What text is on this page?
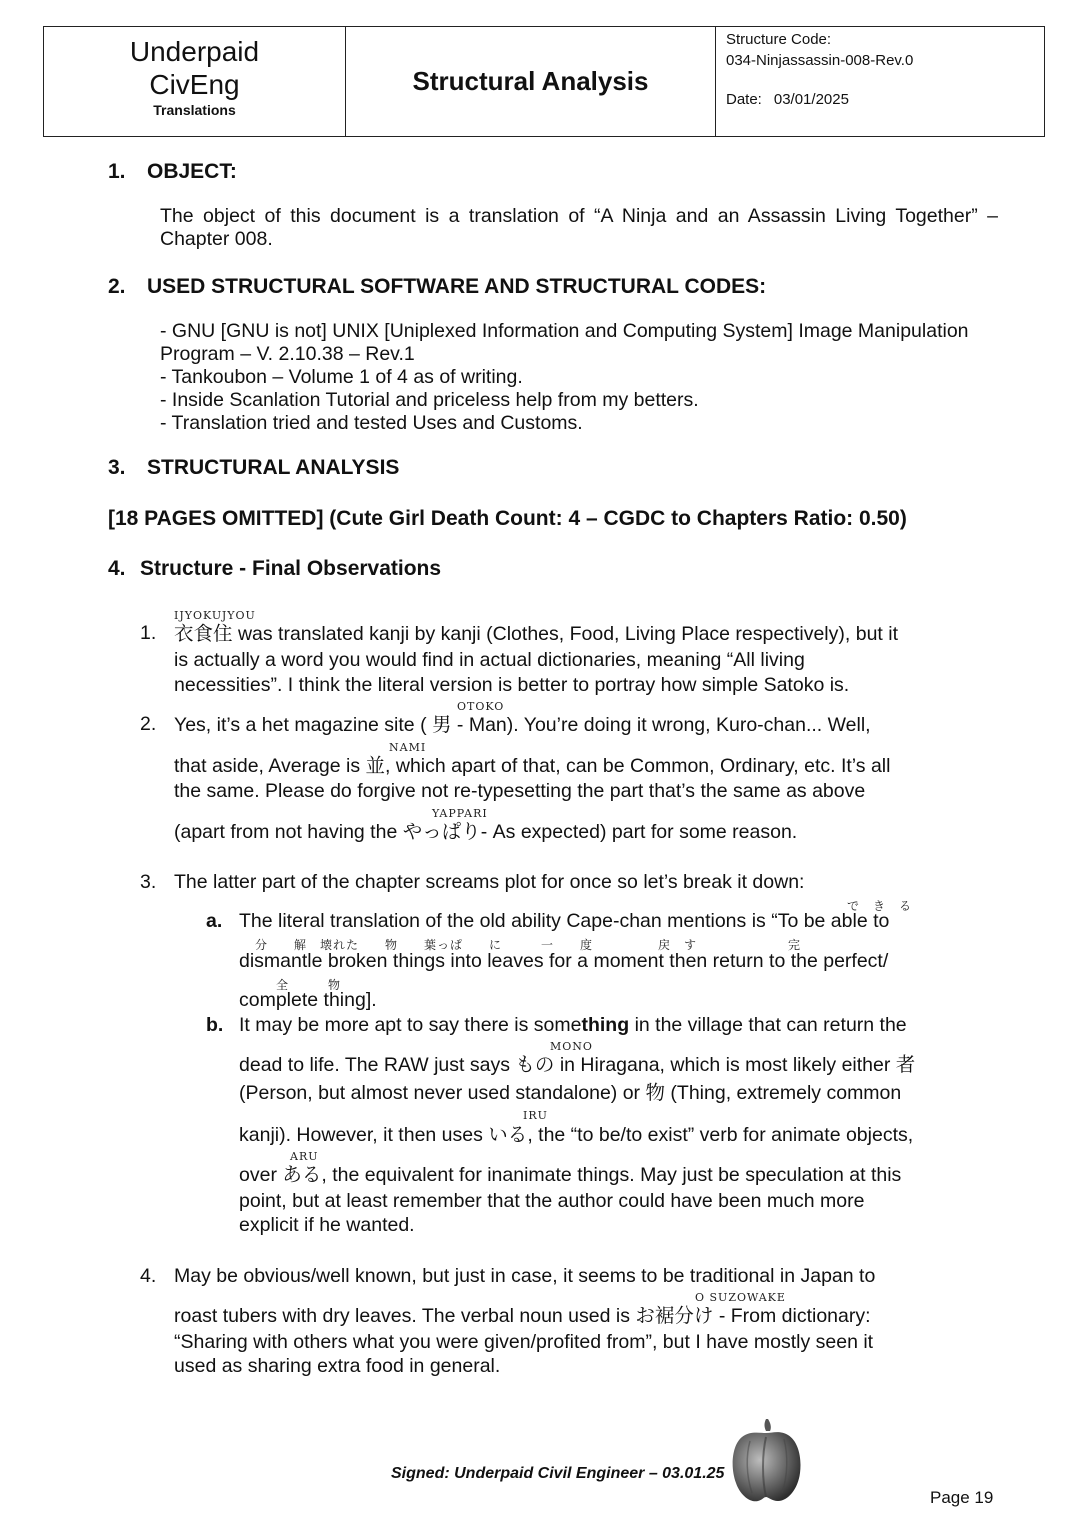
Underpaid
CivEng
Translations
Structural Analysis
Structure Code:
034-Ninjassassin-008-Rev.0
Date: 03/01/2025
1. OBJECT:
The object of this document is a translation of “A Ninja and an Assassin Living Together” – Chapter 008.
2. USED STRUCTURAL SOFTWARE AND STRUCTURAL CODES:
- GNU [GNU is not] UNIX [Uniplexed Information and Computing System] Image Manipulation
Program – V. 2.10.38 – Rev.1
- Tankoubon – Volume 1 of 4 as of writing.
- Inside Scanlation Tutorial and priceless help from my betters.
- Translation tried and tested Uses and Customs.
3. STRUCTURAL ANALYSIS
[18 PAGES OMITTED] (Cute Girl Death Count: 4 – CGDC to Chapters Ratio: 0.50)
4. Structure - Final Observations
IJYOKUJYOU
1. 衣食住 was translated kanji by kanji (Clothes, Food, Living Place respectively), but it
is actually a word you would find in actual dictionaries, meaning “All living
necessities”. I think the literal version is better to portray how simple Satoko is.
OTOKO
2. Yes, it’s a het magazine site ( 男 - Man). You’re doing it wrong, Kuro-chan... Well,
NAMI
that aside, Average is 並, which apart of that, can be Common, Ordinary, etc. It’s all
the same. Please do forgive not re-typesetting the part that’s the same as above
YAPPARI
(apart from not having the やっぱり- As expected) part for some reason.
3. The latter part of the chapter screams plot for once so let’s break it down:
で　き　る
a. The literal translation of the old ability Cape-chan mentions is “To be able to
分　　解　壊れた　　物　　葉っぱ　　に　　　一　　度　　　　　戻　す　　　　　　　完
dismantle broken things into leaves for a moment then return to the perfect/
全　　　物
complete thing].
b. It may be more apt to say there is something in the village that can return the
MONO
dead to life. The RAW just says もの in Hiragana, which is most likely either 者
(Person, but almost never used standalone) or 物 (Thing, extremely common
IRU
kanji). However, it then uses いる, the “to be/to exist” verb for animate objects,
ARU
over ある, the equivalent for inanimate things. May just be speculation at this
point, but at least remember that the author could have been much more
explicit if he wanted.
4. May be obvious/well known, but just in case, it seems to be traditional in Japan to
O SUZOWAKE
roast tubers with dry leaves. The verbal noun used is お裾分け - From dictionary:
“Sharing with others what you were given/profited from”, but I have mostly seen it
used as sharing extra food in general.
Signed: Underpaid Civil Engineer – 03.01.25
Page 19
